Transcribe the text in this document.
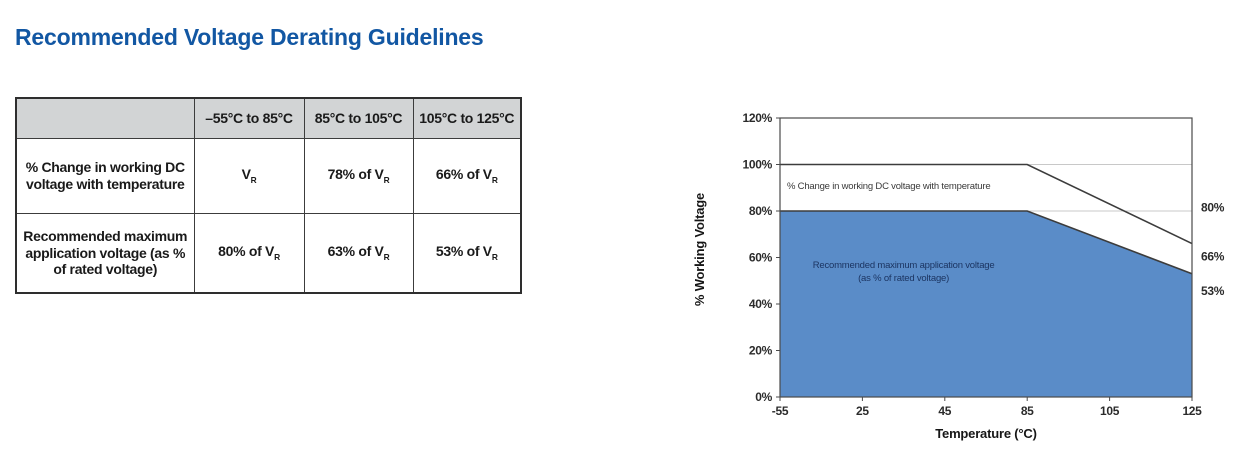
Recommended Voltage Derating Guidelines
	–55°C to 85°C	85°C to 105°C	105°C to 125°C
% Change in working DC voltage with temperature	$V_R$	78% of $V_R$	66% of $V_R$
Recommended maximum application voltage (as % of rated voltage)	80% of $V_R$	63% of $V_R$	53% of $V_R$
120%
100%
80%
60%
40%
20%
0%
-55	25	45	85	105	125
80%
66%
53%
% Change in working DC voltage with temperature
Recommended maximum application voltage
(as % of rated voltage)
Temperature (°C)
% Working Voltage
